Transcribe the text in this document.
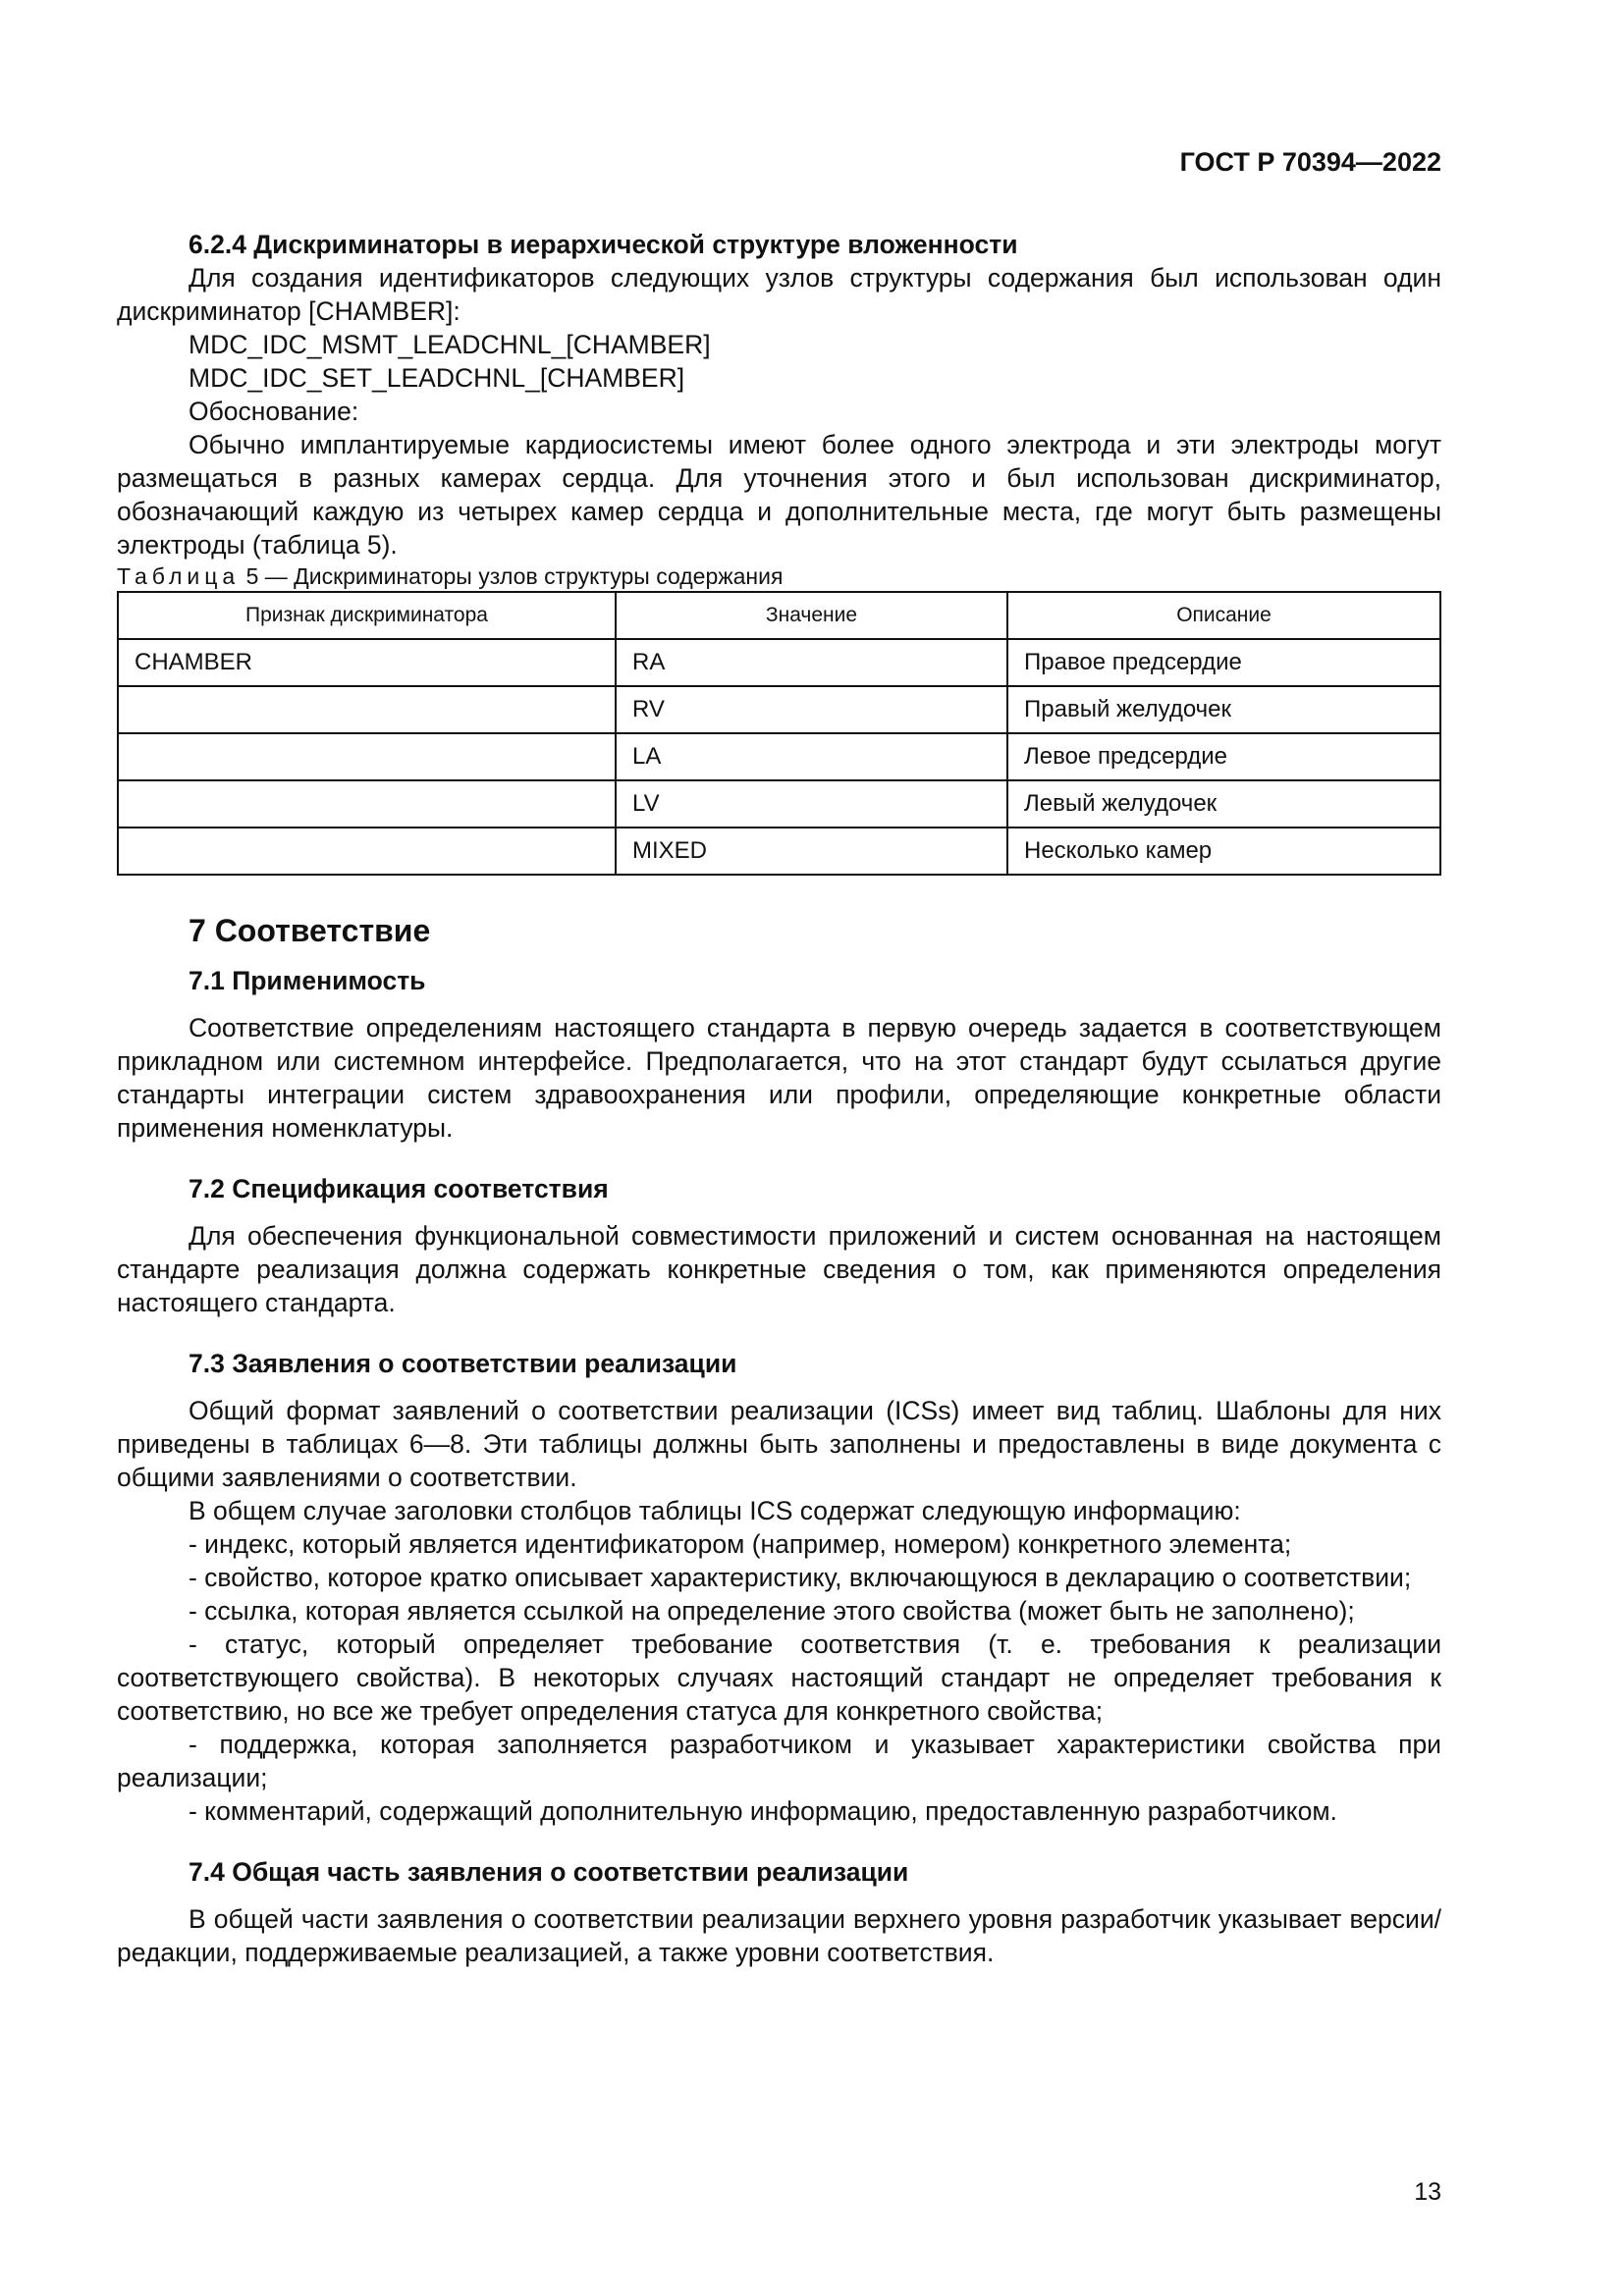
ГОСТ Р 70394—2022

6.2.4 Дискриминаторы в иерархической структуре вложенности

Для создания идентификаторов следующих узлов структуры содержания был использован один дискриминатор [CHAMBER]:

MDC_IDC_MSMT_LEADCHNL_[CHAMBER]

MDC_IDC_SET_LEADCHNL_[CHAMBER]

Обоснование:

Обычно имплантируемые кардиосистемы имеют более одного электрода и эти электроды могут размещаться в разных камерах сердца. Для уточнения этого и был использован дискриминатор, обозначающий каждую из четырех камер сердца и дополнительные места, где могут быть размещены электроды (таблица 5).

Таблица 5 — Дискриминаторы узлов структуры содержания

Признак дискриминатора	Значение	Описание
CHAMBER	RA	Правое предсердие
	RV	Правый желудочек
	LA	Левое предсердие
	LV	Левый желудочек
	MIXED	Несколько камер
7 Соответствие

7.1 Применимость

Соответствие определениям настоящего стандарта в первую очередь задается в соответствующем прикладном или системном интерфейсе. Предполагается, что на этот стандарт будут ссылаться другие стандарты интеграции систем здравоохранения или профили, определяющие конкретные области применения номенклатуры.

7.2 Спецификация соответствия

Для обеспечения функциональной совместимости приложений и систем основанная на настоящем стандарте реализация должна содержать конкретные сведения о том, как применяются определения настоящего стандарта.

7.3 Заявления о соответствии реализации

Общий формат заявлений о соответствии реализации (ICSs) имеет вид таблиц. Шаблоны для них приведены в таблицах 6—8. Эти таблицы должны быть заполнены и предоставлены в виде документа с общими заявлениями о соответствии.

В общем случае заголовки столбцов таблицы ICS содержат следующую информацию:

- индекс, который является идентификатором (например, номером) конкретного элемента;

- свойство, которое кратко описывает характеристику, включающуюся в декларацию о соответствии;

- ссылка, которая является ссылкой на определение этого свойства (может быть не заполнено);

- статус, который определяет требование соответствия (т. е. требования к реализации соответствующего свойства). В некоторых случаях настоящий стандарт не определяет требования к соответствию, но все же требует определения статуса для конкретного свойства;

- поддержка, которая заполняется разработчиком и указывает характеристики свойства при реализации;

- комментарий, содержащий дополнительную информацию, предоставленную разработчиком.

7.4 Общая часть заявления о соответствии реализации

В общей части заявления о соответствии реализации верхнего уровня разработчик указывает версии/редакции, поддерживаемые реализацией, а также уровни соответствия.

13
